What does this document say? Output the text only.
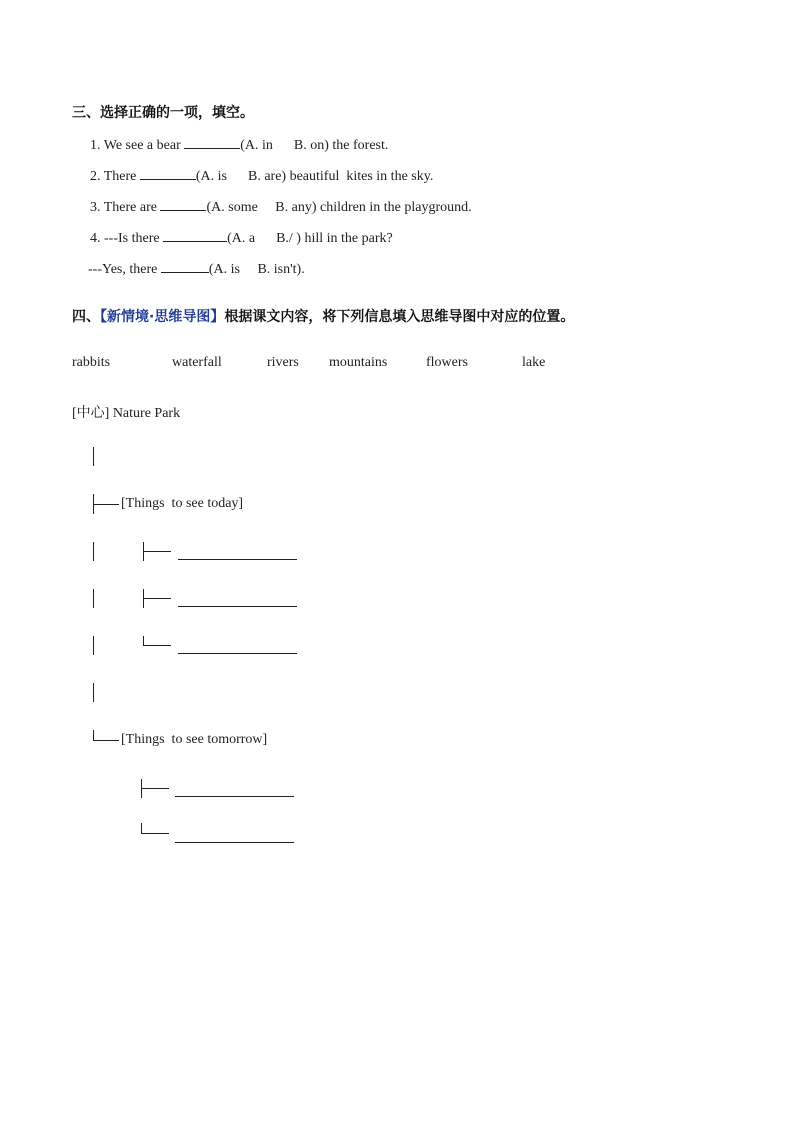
三、选择正确的一项，填空。
1. We see a bear	(A. in      B. on) the forest.
2. There	(A. is      B. are) beautiful  kites in the sky.
3. There are	(A. some     B. any) children in the playground.
4. ---Is there	(A. a      B./ ) hill in the park?
---Yes, there	(A. is     B. isn't).
四、【新情境·思维导图】根据课文内容，将下列信息填入思维导图中对应的位置。
rabbits	waterfall	rivers mountains	flowers	lake
[中心] Nature Park
[Things  to see today]
[Things  to see tomorrow]
